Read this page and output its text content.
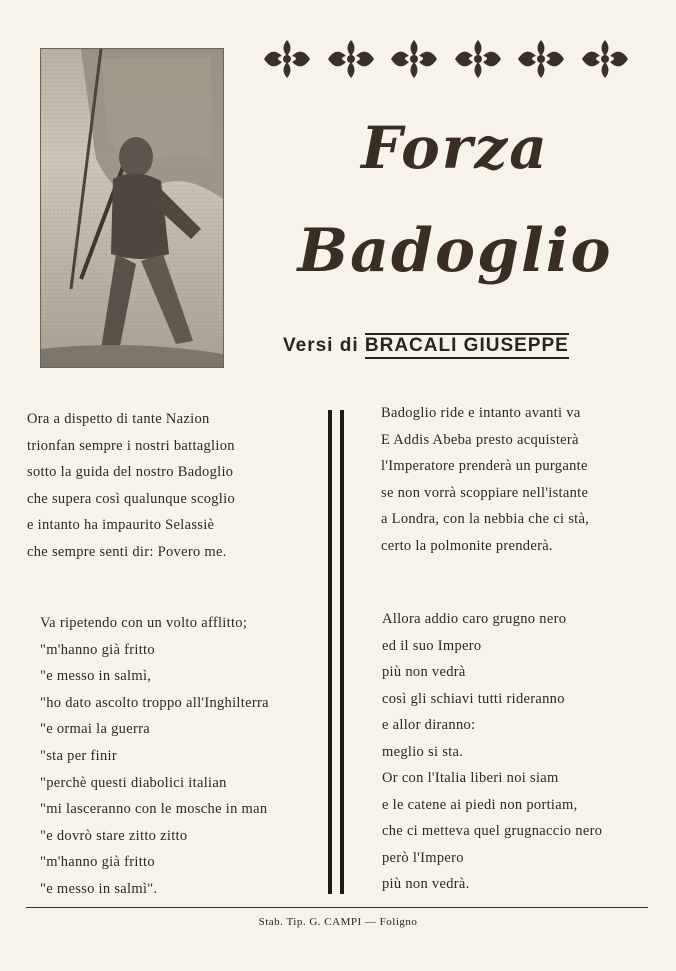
Forza
Badoglio
Versi di BRACALI GIUSEPPE
Ora a dispetto di tante Nazion
trionfan sempre i nostri battaglion
sotto la guida del nostro Badoglio
che supera così qualunque scoglio
e intanto ha impaurito Selassiè
che sempre senti dir: Povero me.
Badoglio ride e intanto avanti va
E Addis Abeba presto acquisterà
l'Imperatore prenderà un purgante
se non vorrà scoppiare nell'istante
a Londra, con la nebbia che ci stà,
certo la polmonite prenderà.
Va ripetendo con un volto afflitto;
"m'hanno già fritto
"e messo in salmì,
"ho dato ascolto troppo all'Inghilterra
"e ormai la guerra
"sta per finir
"perchè questi diabolici italian
"mi lasceranno con le mosche in man
"e dovrò stare zitto zitto
"m'hanno già fritto
"e messo in salmì".
Allora addio caro grugno nero
ed il suo Impero
più non vedrà
così gli schiavi tutti rideranno
e allor diranno:
meglio si sta.
Or con l'Italia liberi noi siam
e le catene ai piedi non portiam,
che ci metteva quel grugnaccio nero
però l'Impero
più non vedrà.
Stab. Tip. G. CAMPI — Foligno
